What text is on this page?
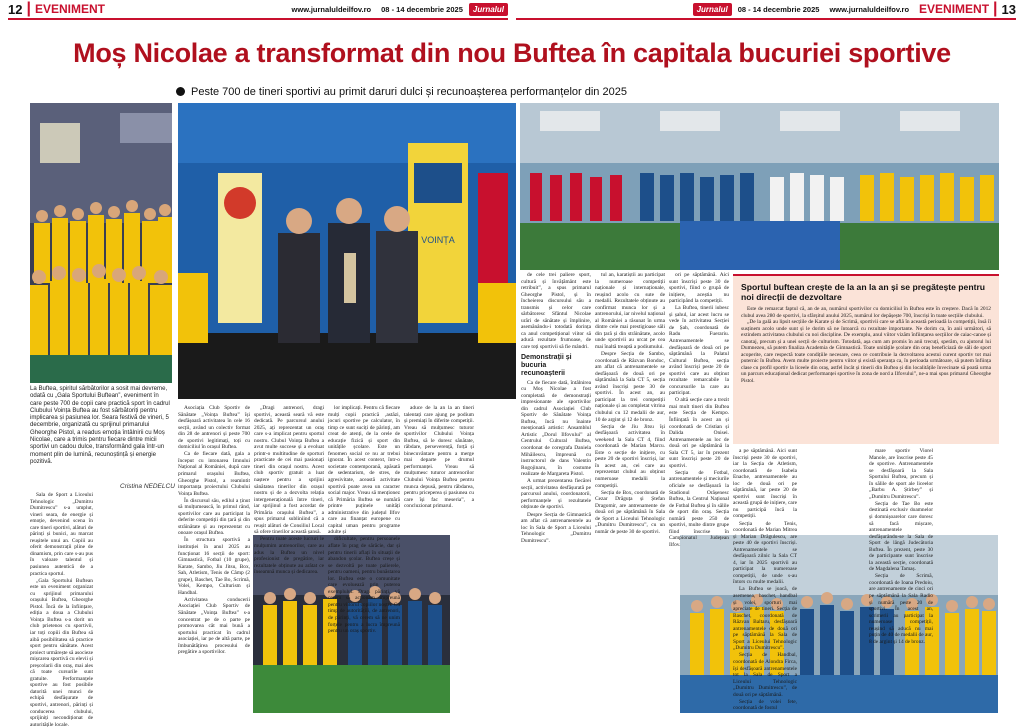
12 | EVENIMENT	www.jurnaluldeilfov.ro 08 - 14 decembrie 2025	Jurnalul	Jurnalul	08 - 14 decembrie 2025 www.jurnaluldeilfov.ro EVENIMENT | 13
Moș Nicolae a transformat din nou Buftea în capitala bucuriei sportive
Peste 700 de tineri sportivi au primit daruri dulci și recunoașterea performanțelor din 2025
VOINȚA
La Buftea, spiritul sărbătorilor a sosit mai devreme, odată cu „Gala Sportului Buftean”, eveniment în care peste 700 de copii care practică sport în cadrul Clubului Voința Buftea au fost sărbătoriți pentru implicarea și pasiunea lor. Seara festivă de vineri, 5 decembrie, organizată cu sprijinul primarului Gheorghe Pistol, a readus emoția întâlnirii cu Moș Nicolae, care a trimis pentru fiecare dintre micii sportivi un cadou dulce, transformând gala într-un moment plin de lumină, recunoștință și energie pozitivă.
Cristina NEDELCU

Sala de Sport a Liceului Tehnologic „Dumitru Dumitrescu” s-a umplut, vineri seara, de energie și emoție, devenind scena în care tineri sportivi, alături de părinți și bunici, au marcat reușitele unui an. Copiii au oferit demonstrații pline de dinamism, prin care s-au pus în valoare talentul și pasiunea autentică de a practica sportul.

„Gala Sportului Buftean este un eveniment organizat cu sprijinul primarului orașului Buftea, Gheorghe Pistol. Încă de la înființare, ediția a doua a Clubului Voința Buftea s-a dorit un club prietenos cu sportivii, iar toți copiii din Buftea să aibă posibilitatea să practice sport pentru sănătate. Acest proiect urmărește să asocieze mișcarea sportivă cu elevii și preșcolarii din oraș, mai ales că toate cursurile sunt gratuite. Performanțele sportive au fost posibile datorită unei munci de echipă desfășurate de sportivi, antrenori, părinți și conducerea clubului, sprijiniți necondiționat de autoritățile locale.

Asociația Club Sportiv de Sănătate „Voința Buftea” își desfășoară activitatea în cele 16 secții, având un colectiv format din 28 de antrenori și peste 700 de sportivi legitimați, toți cu domiciliul în orașul Buftea.

Ca de fiecare dată, gala a început cu intonarea Imnului Național al României, după care primarul orașului Buftea, Gheorghe Pistol, a reamintit importanța proiectului Clubului Voința Buftea.

În discursul său, edilul a ținut să mulțumească, în primul rând, sportivilor care au participat la deferite competiții din țară și din străinătate și au reprezentat cu onoare orașul Buftea.

În structura sportivă a instituției în anul 2025 au funcționat 16 secții de sport: Gimnastică, Fotbal (10 grupe), Karate, Sambo, Jiu Jitsu, Box, Sah, Atletism, Tenis de Câmp (2 grupe), Baschet, Tae Bo, Scrimă, Volei, Kempo, Culturism și Handbal.

Activitatea conducerii Asociației Club Sportiv de Sănătate „Voința Buftea” s-a concentrat pe de o parte pe promovarea cât mai bună a sportului practicat în cadrul asociației, iar pe de altă parte, pe îmbunătățirea procesului de pregătire a sportivilor.

„Dragi antrenori, dragi sportivi, această seară vă este dedicată. Pe parcursul anului 2025, ați reprezentat un oraș care s-a implicat pentru sportul nostru. Clubul Voința Buftea a avut multe succese și a evoluat printr-o multitudine de sporturi practicate de cei mai pasionați tineri din orașul nostru. Acest club sportiv gratuit a luat naștere pentru a sprijini sănătatea tinerilor din orașul nostru și de a dezvolta relația intergenerațională între tineri, iar sprijinul a fost acordat de Primăria orașului Buftea”, a spus primarul subliniind că a reușit alături de Consiliul Local să ofere tinerilor această șansă.

Pentru toate aceste lucruri le mulțumim antrenorilor, care au adus la Buftea un nivel profesionist de pregătire, iar rezultatele obținute au arătat ce înseamnă munca și dedicarea.

lor implicați. Pentru că fiecare mulți copii practică ,astăzi, jocuri sportive pe calculator, în timp ce sunt suciți de părinți, am creat de atenți, de la orele de educație fizică și sport din unitățile școlare. Este un fenomen social ce nu ar trebui ignorat. În acest context, într-o societate contemporană, apăsată de sedentarism, de stres, de agresivitate, această activitate sportivă poate avea un caracter social major. Vreau să menționez că Primăria Buftea se numără printre puținele unități administrative din județul Ilfov care au finanțat europene cu capital uman pentru programe adulte și

dificultate, pentru persoanele aflate în prag de sărăcie, dar și pentru tinerii aflați în situații de abandon școlar. Buftea creșe și se dezvoltă pe toate palierele, pentru oameni, pentru bunăstarea lor. Buftea este o comunitate care evoluează prin puterea exemplului. Dragi părinți, vă cerem să acționăm împreună pentru viitorul copiilor noștri. Cu timp de autoritățiii, de antrenori, de părinți, vă cerem să ne unim forțele pentru a lucra împreună pentru un oraș sportiv.

aduce de la an la an tineri talentați care ajung pe podium și premiați în diferite competiții. Vreau să mulțumesc tuturor sportivilor Clubului Voința Buftea, să le doresc sănătate, răbdare, perseverență, forță și binecuvântare pentru a merge mai departe pe drumul performanței. Vreau să mulțumesc tuturor antrenorilor Clubului Voința Buftea pentru munca depusă, pentru răbdarea, pentru priceperea și pasiunea cu care își fac meseria”, a concluzionat primarul.

de cele trei paliere sport, cultură și învățământ este retribuit”, a spus primarul Gheorghe Pistol, și în încheierea discursului său a transmis și celor care sărbătoresc Sfântul Nicolae urări de sănătate și împlinire, asemănându-i totodată dorința ca anul competițional viitor să aducă rezultate frumoase, de care toți sportivii să fie mândri.

Demonstrații și bucuria recunoașterii

Ca de fiecare dată, întâlnirea cu Moș Nicolae a fost completată de demonstrații impresionante ale sportivilor din cadrul Asociației Club Sportiv de Sănătate Voința Buftea, încă nu înainte menționată artistic: Ansamblul Artistic „Dorul Ilfovului” al Centrului Cultural Buftea, coordonat de coregrafa Daniela Mihăilescu, împreună cu instructorul de dans Valentin Rogojinaru, în costume realizate de Margareta Pistol.

A urmat prezentarea fiecărei secții, activitatea desfășurată pe parcursul anului, coordonatorii, performanțele și rezultatele obținute de sportivi.

Despre Secția de Gimnastică am aflat că antrenamentele au loc în Sala de Sport a Liceului Tehnologic „Dumitru Dumitrescu”.

tul an, karatiștii au participat la numeroase competiții naționale și internaționale, reușind acolo cu sute de medalii. Rezultatele obținute au confirmat munca lor și a antrenorului, iar nivelul național al României a răsunat în urma dintre cele mai prestigioase săli din țară și din străinătate, acolo unde sportivii au urcat pe cea mai înaltă treaptă a podiumului.

Despre Secția de Sambo, coordonată de Răzvan Bondoc, am aflat că antrenamentele se desfășoară de două ori pe săptămână la Sala CT 5, secția având înscriși peste 30 de sportivi. În acest an, au participat la trei competiții naționale și au completat vitrina clubului cu 12 medalii de aur, 10 de argint și 12 de bronz.

Secția de Jiu Jitsu își desfășoară activitatea în weekend la Sala CT 4, fiind coordonată de Marian Marcu. Este o secție de inițiere, cu peste 20 de sportivi înscriși, iar în acest an, cei care au reprezentat clubul au obținut numeroase medalii la competiții.

Secția de Box, coordonată de Cezar Drăguța și Ștefan Dragomir, are antrenamente de două ori pe săptămână în Sala de Sport a Liceului Tehnologic „Dumitru Dumitrescu”, cu un număr de peste 30 de sportivi.

ori pe săptămână. Aici sunt înscriși peste 30 de sportivi, fiind o grupă de inițiere, aceștia nu participând la competiții.

La Buftea, tinerii iubesc și șahul, iar acest lucru se vede în activitatea Secției de Șah, coordonată de Radu Fuerariu. Antrenamentele se desfășoară de două ori pe săptămână la Palatul Cultural Buftea, secția având înscriși peste 20 de sportivi care au obținut rezultate remarcabile la concursurile la care au participat.

O altă secție care a trezit mai mult tineri din Buftea este Secția de Kempo. Înființată în acest an și coordonată de Cristian și Dalida Onisei. Antrenamentele au loc de două ori pe săptămână la Sala CT 5, iar în prezent sunt înscriși peste 20 de sportivi.

Secția de Fotbal, antrenamentele și meciurile oficiale se desfășoară la Stadionul Orășenesc Buftea, la Centrul Național de Fotbal Buftea și în sălile de sport din oraș. Secția numără peste 250 de sportivi, multe dintre grupe fiind înscrise în Campionatul Județean Ilfov.

a pe săptămână. Aici sunt înscriși peste 30 de sportivi, iar la Secția de Atletism, coordonată de Isabela Enache, antrenamentele au loc de două ori pe săptămână, iar peste 20 de sportivi sunt înscriși în această grupă de inițiere, care nu participă încă la competiții.

Secția de Tenis, coordonată de Marian Mitrea și Marian Drăgulescu, are peste 40 de sportivi înscriși. Antrenamentele se desfășoară zilnic la Sala CT 4, iar în 2025 sportivii au participat la numeroase competiții, de unde s-au întors cu multe medalii.

La Buftea se joacă, de asemenea, baschet, handbal și volei, sporturi mai apreciate de tineri. Secția de Baschet, coordonată de Răzvan Baltaru, desfășoară antrenamentele de două ori pe săptămână la Sala de Sport a Liceului Tehnologic „Dumitru Dumitrescu”.

Secția de Handbal, coordonată de Alondra Firca, își desfășoară antrenamentele tot la Sala de Sport a Liceului Tehnologic „Dumitru Dumitrescu”, de două ori pe săptămână.

Secția de volei fete, coordonată de fostul

mare sportiv Viorel Manole, are înscrise peste 45 de sportive. Antrenamentele se desfășoară la Sala Sportului Buftea, precum și în sălile de sport ale liceelor „Barbu A. Știrbey” și „Dumitru Dumitrescu”.

Secția de Tae Bo este destinată exclusiv doamnelor și domnișoarelor care doresc să facă mișcare, antrenamentele desfășurându-se la Sala de Sport de lângă Judecătoria Buftea. În prezent, peste 30 de participante sunt înscrise la această secție, coordonată de Magdalena Tamaș.

Secția de Scrimă, coordonată de Ioana Predoiu, are antrenamente de cinci ori pe săptămână la Sala Radio și numără peste 20 de sportivi. În acest an, scrimerii au participat la numeroase competiții, reușind să aducă nu mai puțin de 40 de medalii de aur, 8 de argint și 14 de bronz.

Sportul buftean crește de la an la an și se pregătește pentru noi direcții de dezvoltare

Este de remarcat faptul că, an de an, numărul sportivilor cu domiciliul în Buftea este în creștere. Dacă în 2012 clubul avea 280 de sportivi, la sfârșitul anului 2025, numărul lor depășește 700, înscriși în toate secțiile clubului.

„De la gală au lipsit secțiile de Karate și de Scrimă, sportivii care se află în această perioadă la competiții, însă îi susținem acolo unde sunt și le dorim să ne întoarcă cu rezultate importante. Ne dorim ca, în anii următori, să extindem activitatea clubului cu noi discipline. De exemplu, anul viitor vizăm înființarea secțiilor de caiac-canoe și canotaj, precum și a unei secții de culturism. Totodată, așa cum am promis în anii trecuți, sperăm, cu ajutorul lui Dumnezeu, să putem finaliza Academia de Gimnastică. Toate unitățile școlare din oraș beneficiază de săli de sport acoperite, care respectă toate condițiile necesare, ceea ce contribuie la dezvoltarea acestui curent sportiv tot mai puternic în Buftea. Avem multe proiecte pentru viitor și există speranța ca, în perioada următoare, să putem înființa clase cu profil sportiv la liceele din oraș, astfel încât și tinerii din Buftea și din localitățile învecinate să poată urma un parcurs educațional dedicat performanței sportive în zona de nord a Ilfovului”, ne-a mai spus primarul Gheorghe Pistol.
